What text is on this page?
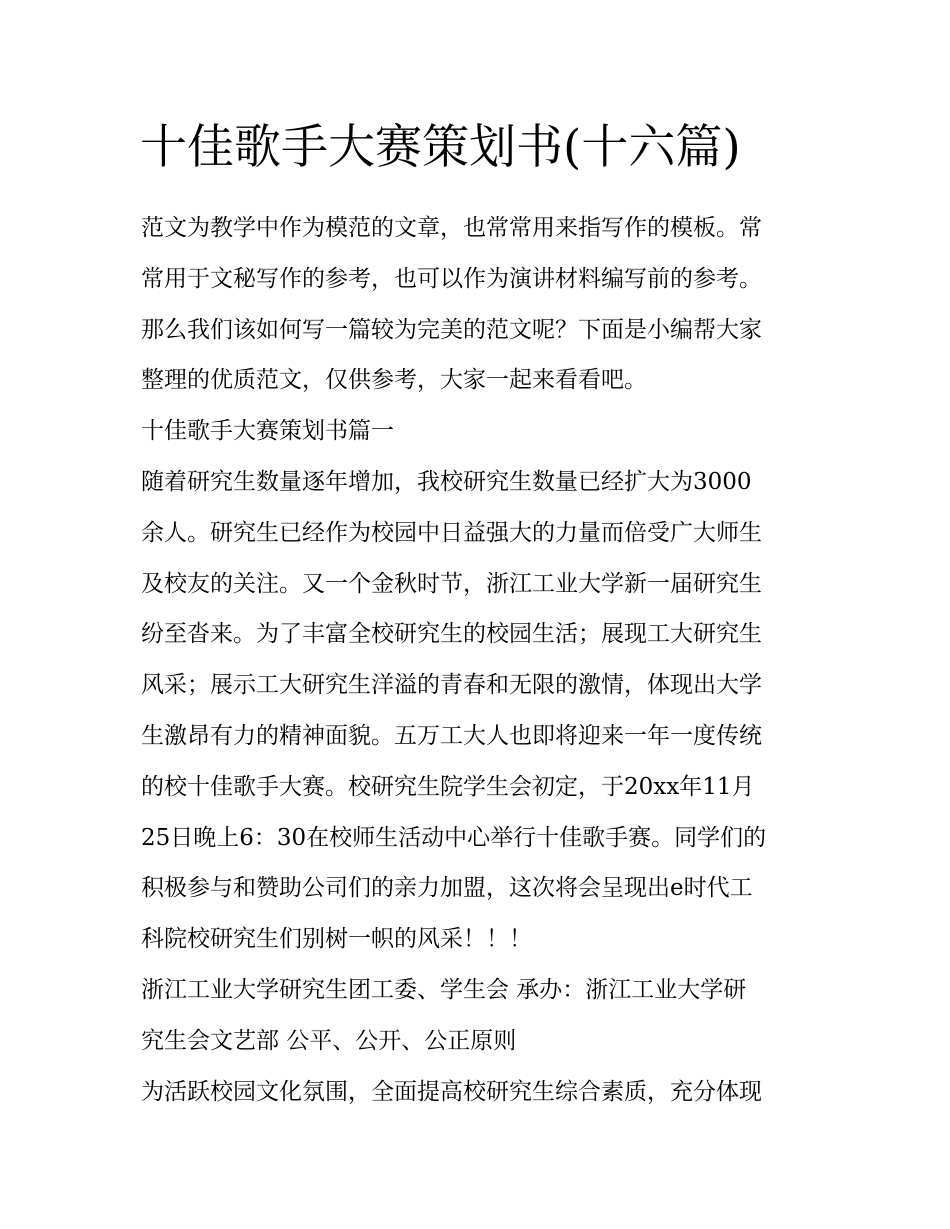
十佳歌手大赛策划书(十六篇)
范文为教学中作为模范的文章，也常常用来指写作的模板。常
常用于文秘写作的参考，也可以作为演讲材料编写前的参考。
那么我们该如何写一篇较为完美的范文呢？下面是小编帮大家
整理的优质范文，仅供参考，大家一起来看看吧。
十佳歌手大赛策划书篇一
随着研究生数量逐年增加，我校研究生数量已经扩大为3000
余人。研究生已经作为校园中日益强大的力量而倍受广大师生
及校友的关注。又一个金秋时节，浙江工业大学新一届研究生
纷至沓来。为了丰富全校研究生的校园生活；展现工大研究生
风采；展示工大研究生洋溢的青春和无限的激情，体现出大学
生激昂有力的精神面貌。五万工大人也即将迎来一年一度传统
的校十佳歌手大赛。校研究生院学生会初定，于20xx年11月
25日晚上6：30在校师生活动中心举行十佳歌手赛。同学们的
积极参与和赞助公司们的亲力加盟，这次将会呈现出e时代工
科院校研究生们别树一帜的风采！！！
浙江工业大学研究生团工委、学生会 承办：浙江工业大学研
究生会文艺部 公平、公开、公正原则
为活跃校园文化氛围，全面提高校研究生综合素质，充分体现
